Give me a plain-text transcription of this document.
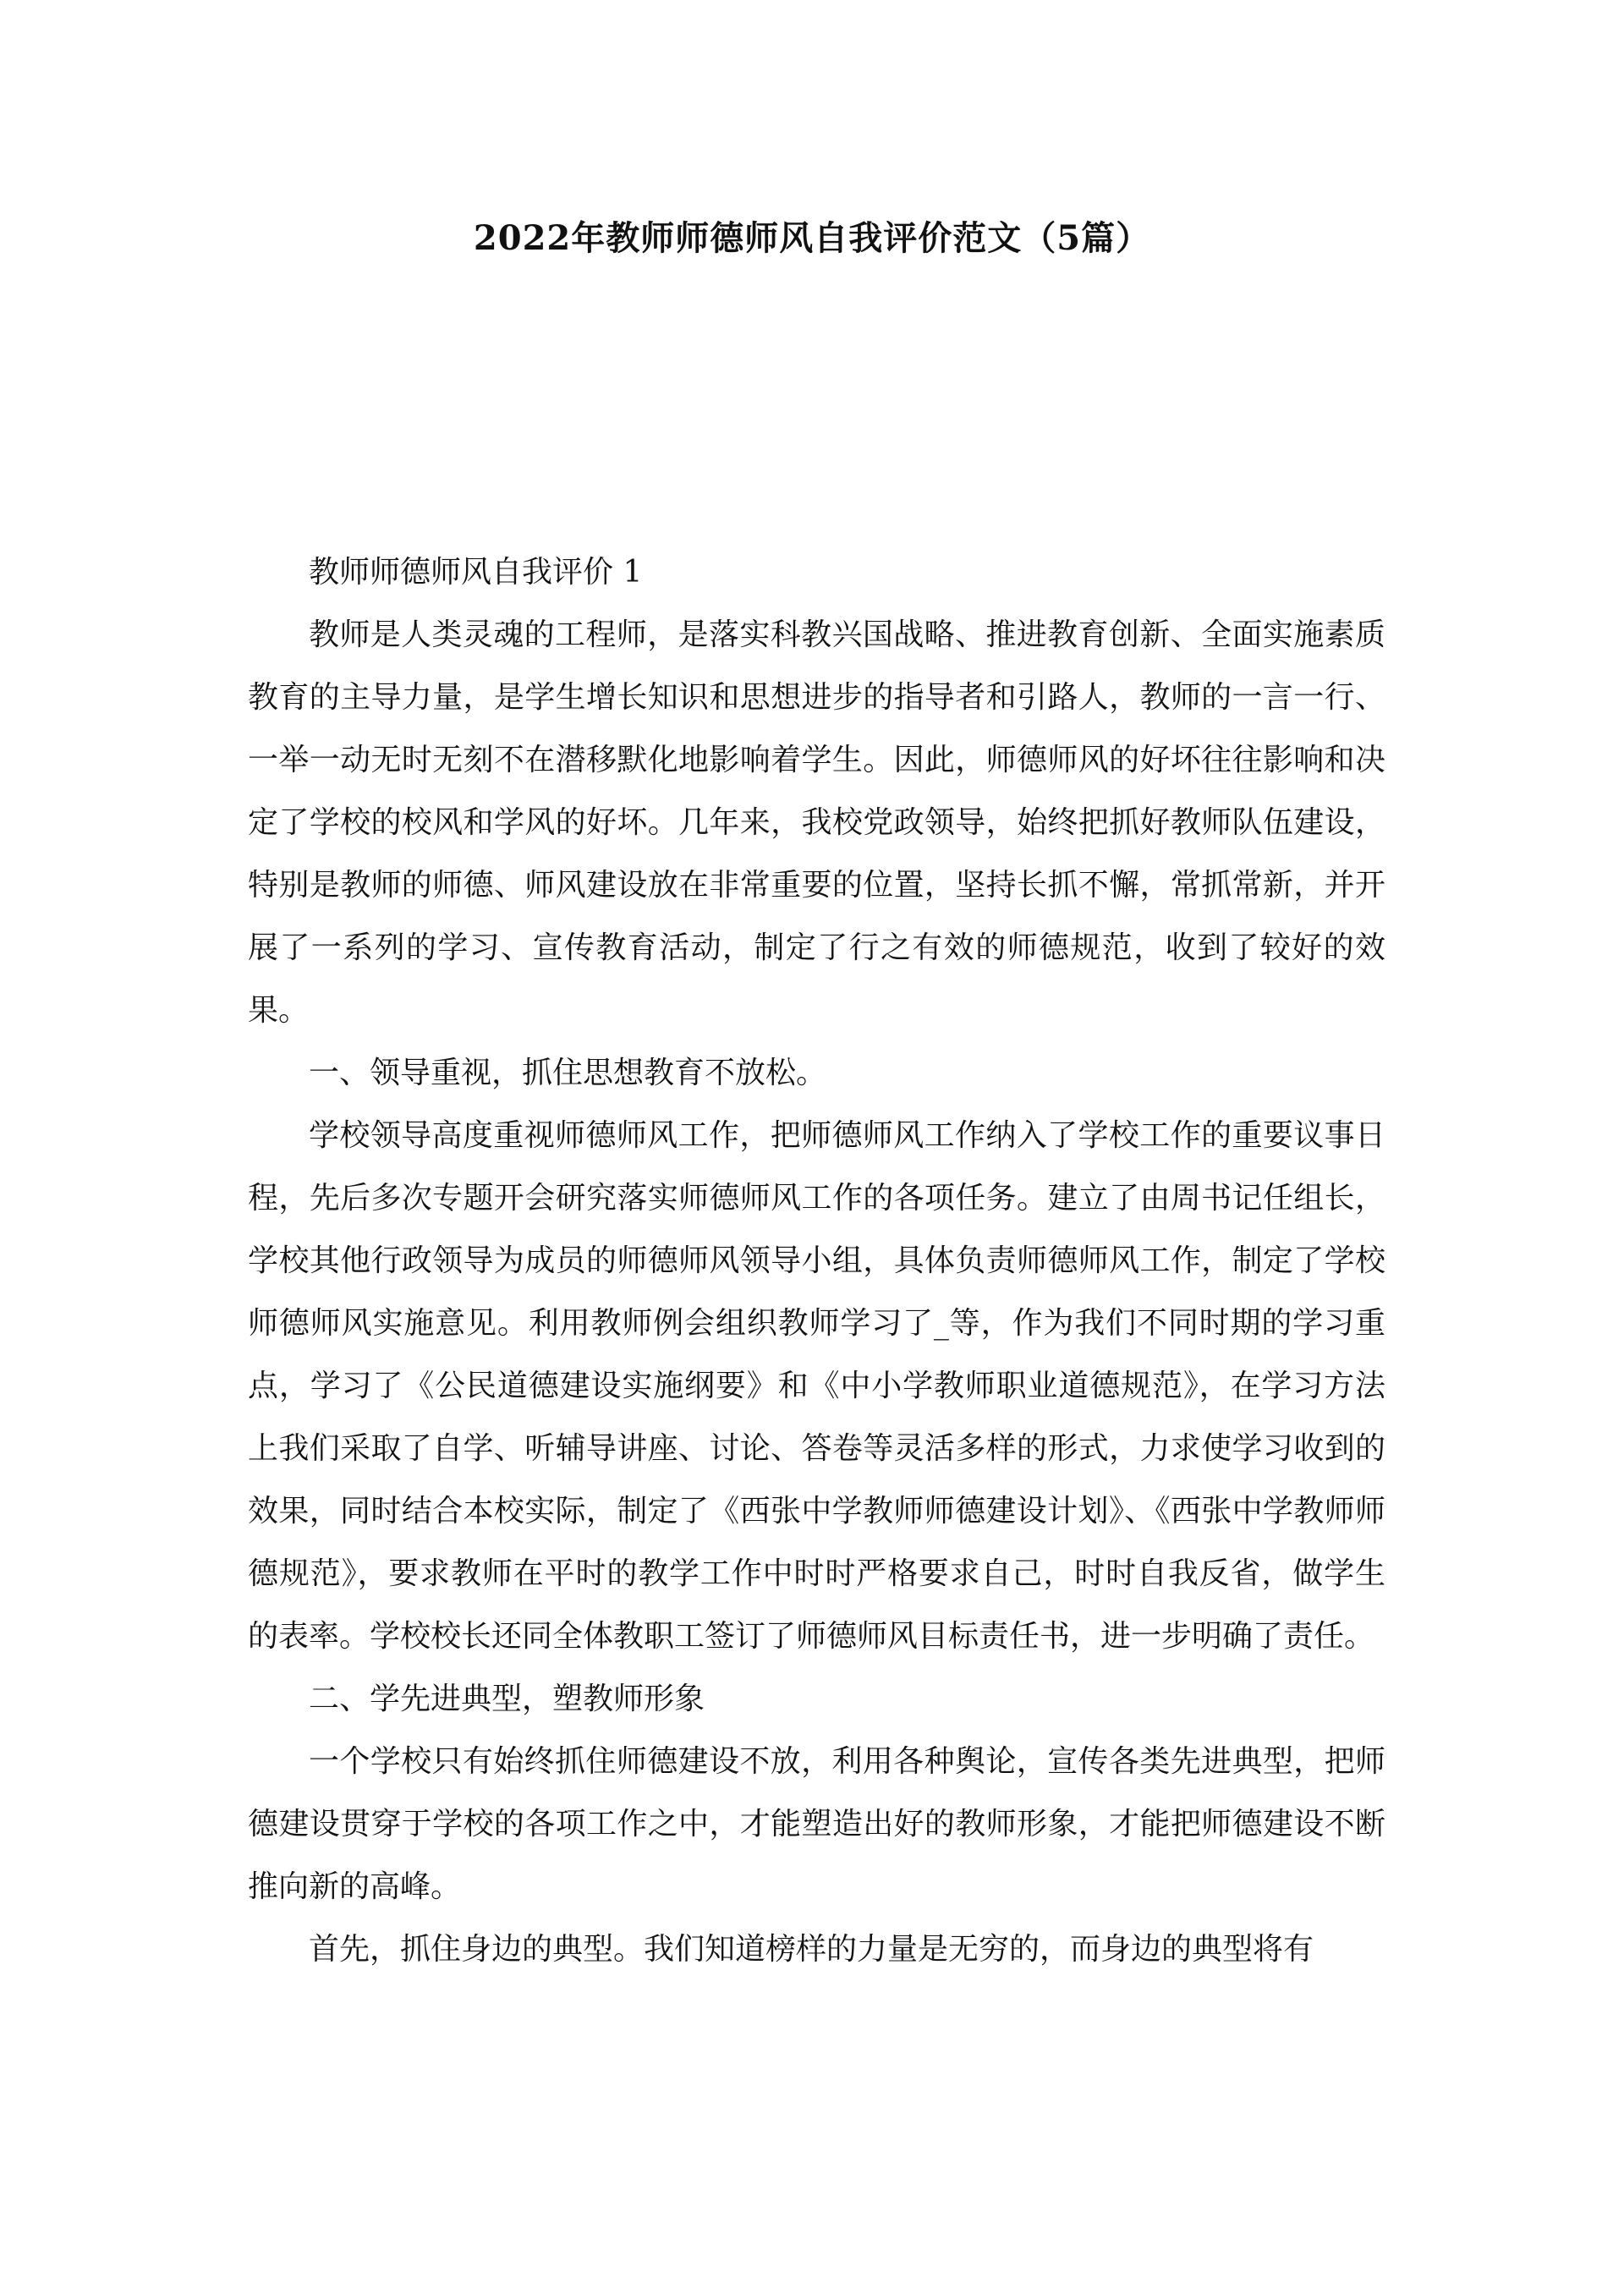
2022年教师师德师风自我评价范文（5篇）

教师师德师风自我评价 1

教师是人类灵魂的工程师，是落实科教兴国战略、推进教育创新、全面实施素质教育的主导力量，是学生增长知识和思想进步的指导者和引路人，教师的一言一行、一举一动无时无刻不在潜移默化地影响着学生。因此，师德师风的好坏往往影响和决定了学校的校风和学风的好坏。几年来，我校党政领导，始终把抓好教师队伍建设，特别是教师的师德、师风建设放在非常重要的位置，坚持长抓不懈，常抓常新，并开展了一系列的学习、宣传教育活动，制定了行之有效的师德规范，收到了较好的效果。

一、领导重视，抓住思想教育不放松。

学校领导高度重视师德师风工作，把师德师风工作纳入了学校工作的重要议事日程，先后多次专题开会研究落实师德师风工作的各项任务。建立了由周书记任组长，学校其他行政领导为成员的师德师风领导小组，具体负责师德师风工作，制定了学校师德师风实施意见。利用教师例会组织教师学习了_等，作为我们不同时期的学习重点，学习了《公民道德建设实施纲要》和《中小学教师职业道德规范》，在学习方法上我们采取了自学、听辅导讲座、讨论、答卷等灵活多样的形式，力求使学习收到的效果，同时结合本校实际，制定了《西张中学教师师德建设计划》、《西张中学教师师德规范》，要求教师在平时的教学工作中时时严格要求自己，时时自我反省，做学生的表率。学校校长还同全体教职工签订了师德师风目标责任书，进一步明确了责任。

二、学先进典型，塑教师形象

一个学校只有始终抓住师德建设不放，利用各种舆论，宣传各类先进典型，把师德建设贯穿于学校的各项工作之中，才能塑造出好的教师形象，才能把师德建设不断推向新的高峰。

首先，抓住身边的典型。我们知道榜样的力量是无穷的，而身边的典型将有
